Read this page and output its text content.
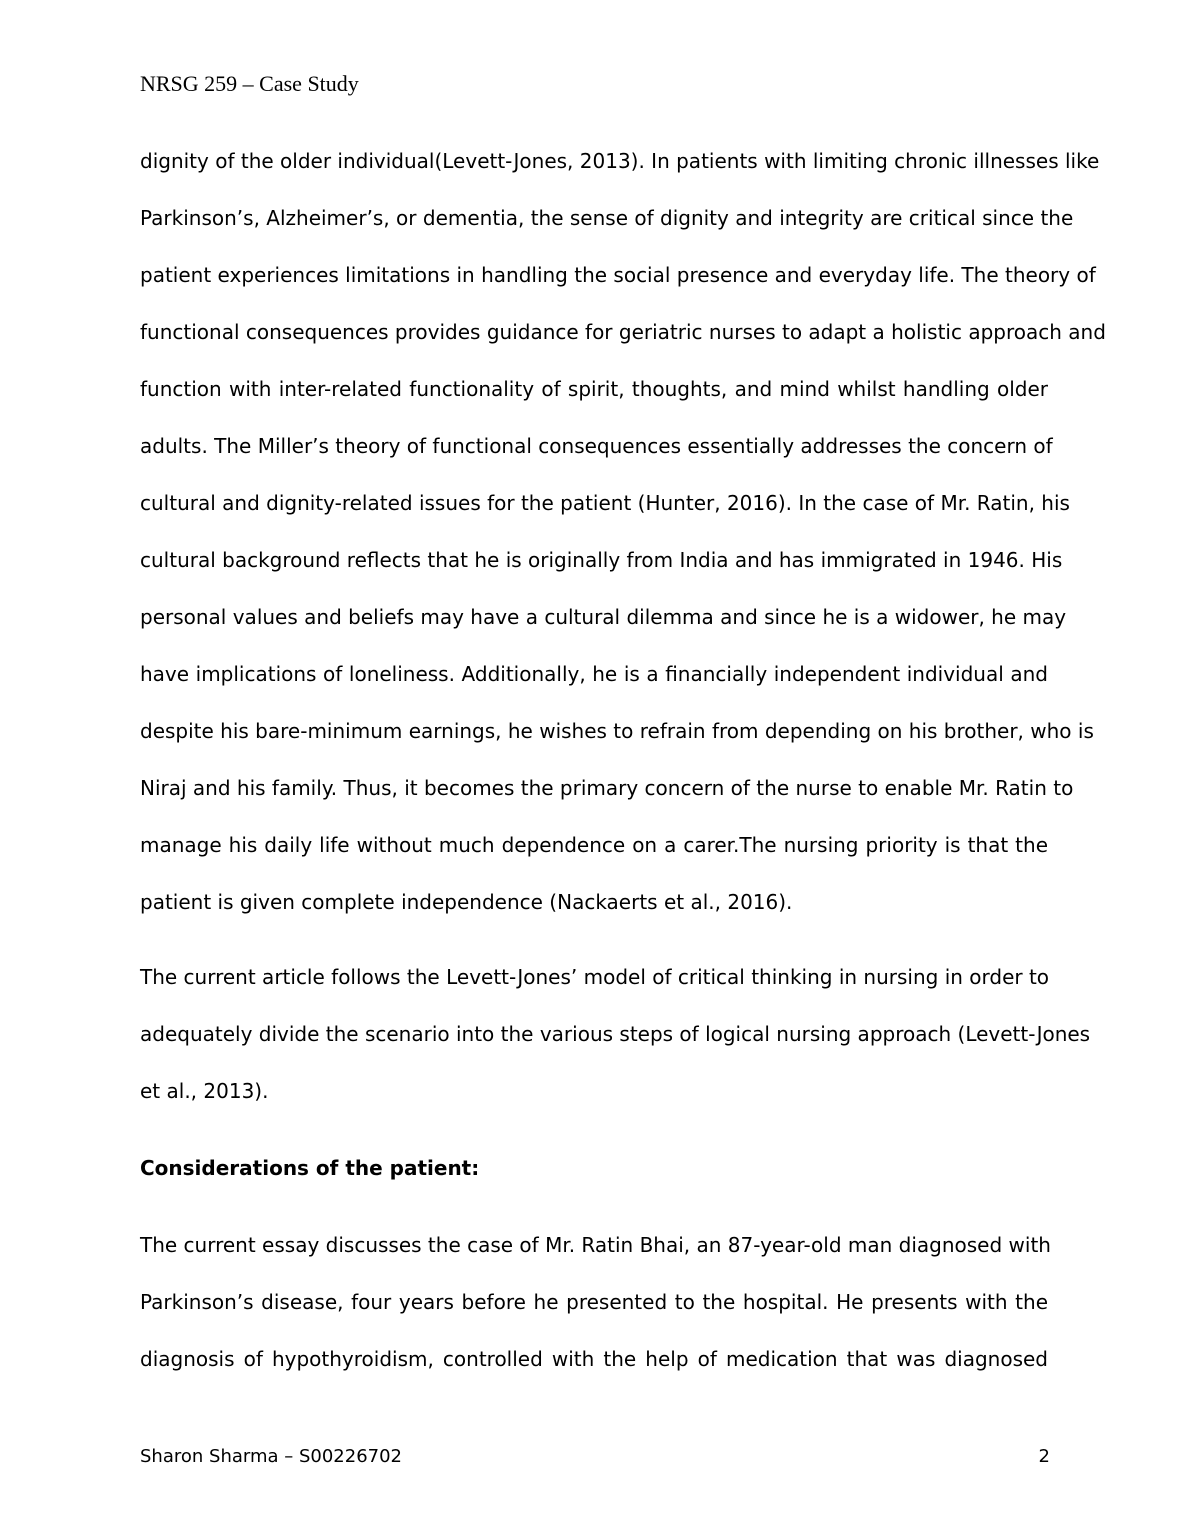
NRSG 259 – Case Study
dignity of the older individual(Levett-Jones, 2013). In patients with limiting chronic illnesses like
Parkinson’s, Alzheimer’s, or dementia, the sense of dignity and integrity are critical since the
patient experiences limitations in handling the social presence and everyday life. The theory of
functional consequences provides guidance for geriatric nurses to adapt a holistic approach and
function with inter-related functionality of spirit, thoughts, and mind whilst handling older
adults. The Miller’s theory of functional consequences essentially addresses the concern of
cultural and dignity-related issues for the patient (Hunter, 2016). In the case of Mr. Ratin, his
cultural background reflects that he is originally from India and has immigrated in 1946. His
personal values and beliefs may have a cultural dilemma and since he is a widower, he may
have implications of loneliness. Additionally, he is a financially independent individual and
despite his bare-minimum earnings, he wishes to refrain from depending on his brother, who is
Niraj and his family. Thus, it becomes the primary concern of the nurse to enable Mr. Ratin to
manage his daily life without much dependence on a carer.The nursing priority is that the
patient is given complete independence (Nackaerts et al., 2016).
The current article follows the Levett-Jones’ model of critical thinking in nursing in order to
adequately divide the scenario into the various steps of logical nursing approach (Levett-Jones
et al., 2013).
Considerations of the patient:
The current essay discusses the case of Mr. Ratin Bhai, an 87-year-old man diagnosed with
Parkinson’s disease, four years before he presented to the hospital. He presents with the
diagnosis of hypothyroidism, controlled with the help of medication that was diagnosed
Sharon Sharma – S00226702	2
